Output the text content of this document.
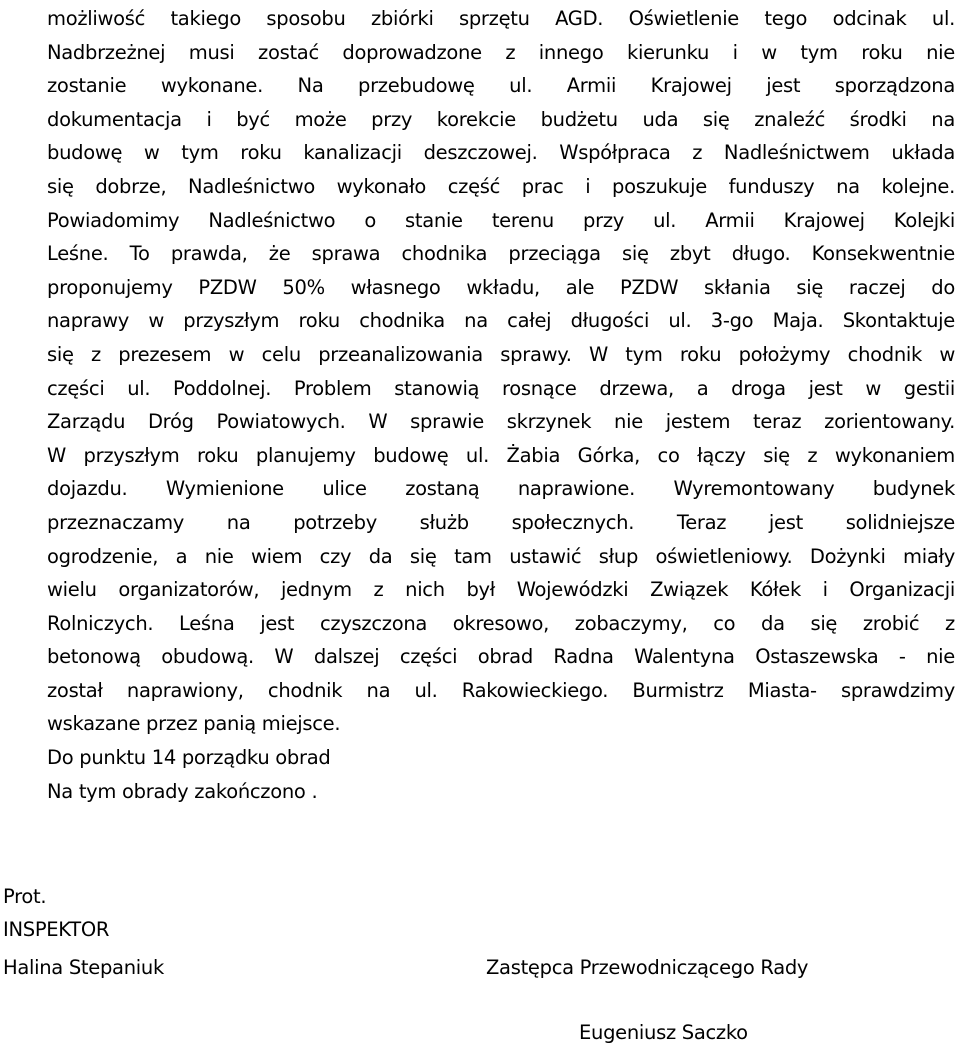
możliwość takiego sposobu zbiórki sprzętu AGD. Oświetlenie tego odcinak ul.
Nadbrzeżnej musi zostać doprowadzone z innego kierunku i w tym roku nie
zostanie wykonane. Na przebudowę ul. Armii Krajowej jest sporządzona
dokumentacja i być może przy korekcie budżetu uda się znaleźć środki na
budowę w tym roku kanalizacji deszczowej. Współpraca z Nadleśnictwem układa
się dobrze, Nadleśnictwo wykonało część prac i poszukuje funduszy na kolejne.
Powiadomimy Nadleśnictwo o stanie terenu przy ul. Armii Krajowej Kolejki
Leśne. To prawda, że sprawa chodnika przeciąga się zbyt długo. Konsekwentnie
proponujemy PZDW 50% własnego wkładu, ale PZDW skłania się raczej do
naprawy w przyszłym roku chodnika na całej długości ul. 3-go Maja. Skontaktuje
się z prezesem w celu przeanalizowania sprawy. W tym roku położymy chodnik w
części ul. Poddolnej. Problem stanowią rosnące drzewa, a droga jest w gestii
Zarządu Dróg Powiatowych. W sprawie skrzynek nie jestem teraz zorientowany.
W przyszłym roku planujemy budowę ul. Żabia Górka, co łączy się z wykonaniem
dojazdu. Wymienione ulice zostaną naprawione. Wyremontowany budynek
przeznaczamy na potrzeby służb społecznych. Teraz jest solidniejsze
ogrodzenie, a nie wiem czy da się tam ustawić słup oświetleniowy. Dożynki miały
wielu organizatorów, jednym z nich był Wojewódzki Związek Kółek i Organizacji
Rolniczych. Leśna jest czyszczona okresowo, zobaczymy, co da się zrobić z
betonową obudową. W dalszej części obrad Radna Walentyna Ostaszewska - nie
został naprawiony, chodnik na ul. Rakowieckiego. Burmistrz Miasta- sprawdzimy
wskazane przez panią miejsce.
Do punktu 14 porządku obrad
Na tym obrady zakończono .
Prot.
INSPEKTOR
Halina Stepaniuk	Zastępca Przewodniczącego Rady
Eugeniusz Saczko
